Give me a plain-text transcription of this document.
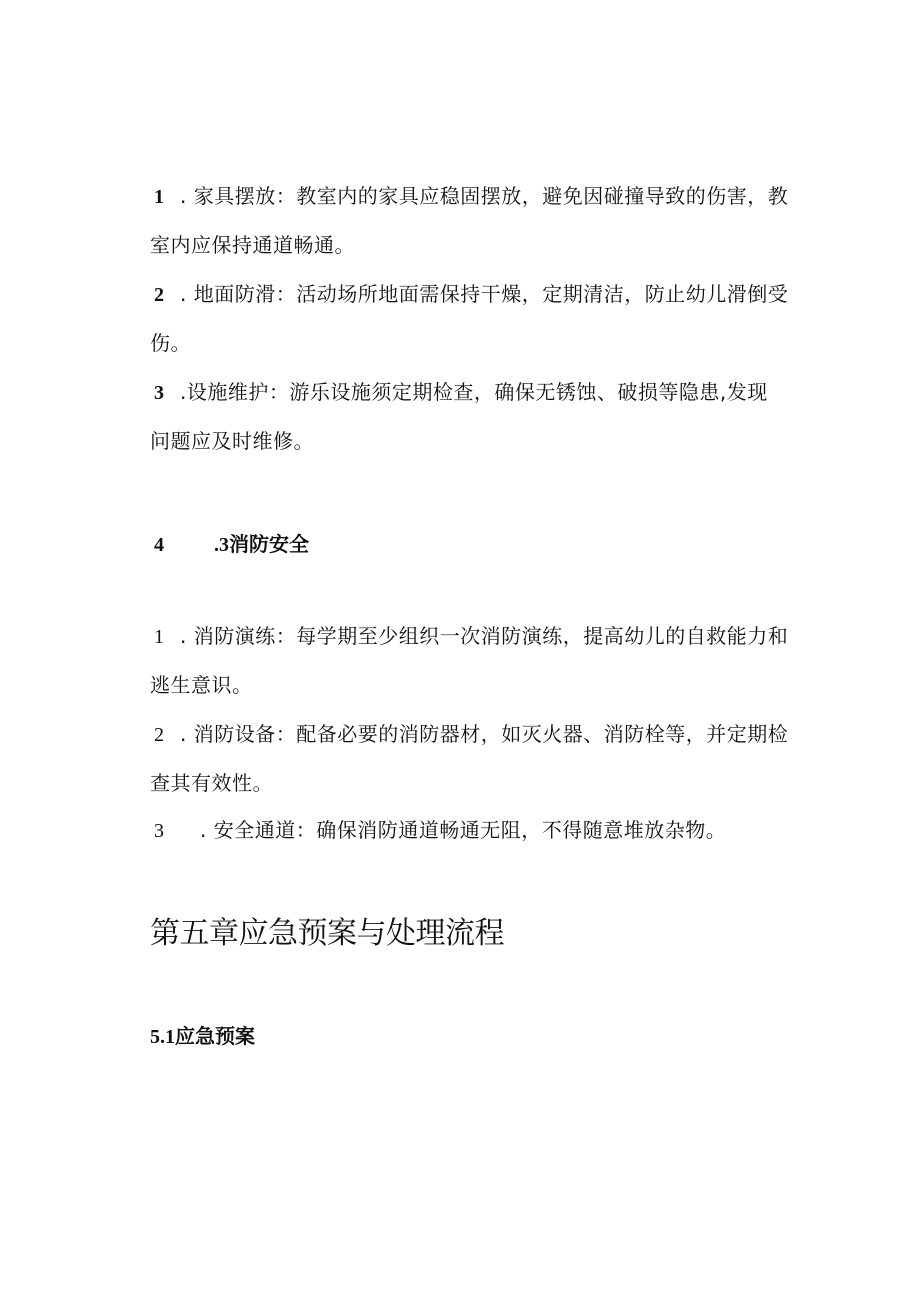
1 . 家具摆放：教室内的家具应稳固摆放，避免因碰撞导致的伤害，教
室内应保持通道畅通。
2 . 地面防滑：活动场所地面需保持干燥，定期清洁，防止幼儿滑倒受
伤。
3 .设施维护：游乐设施须定期检查，确保无锈蚀、破损等隐患,发现
问题应及时维修。
4	.3消防安全
1 . 消防演练：每学期至少组织一次消防演练，提高幼儿的自救能力和
逃生意识。
2 . 消防设备：配备必要的消防器材，如灭火器、消防栓等，并定期检
查其有效性。
3 . 安全通道：确保消防通道畅通无阻，不得随意堆放杂物。
第五章应急预案与处理流程
5.1应急预案
